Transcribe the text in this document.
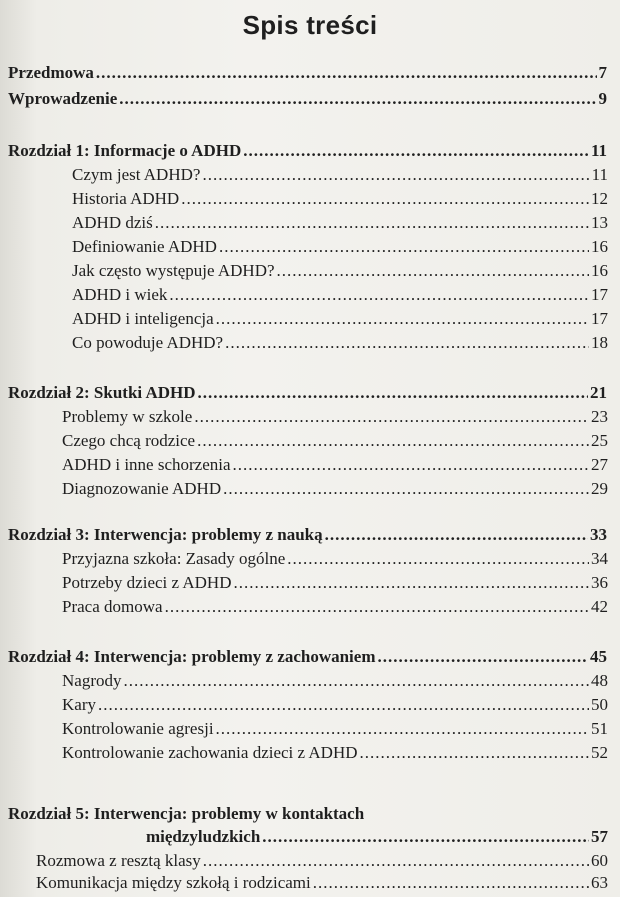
Spis treści
Przedmowa .....	7
Wprowadzenie .....	9
Rozdział 1: Informacje o ADHD .....	11
Czym jest ADHD? .....	11
Historia ADHD .....	12
ADHD dziś .....	13
Definiowanie ADHD .....	16
Jak często występuje ADHD? .....	16
ADHD i wiek .....	17
ADHD i inteligencja .....	17
Co powoduje ADHD? .....	18
Rozdział 2: Skutki ADHD .....	21
Problemy w szkole .....	23
Czego chcą rodzice .....	25
ADHD i inne schorzenia .....	27
Diagnozowanie ADHD .....	29
Rozdział 3: Interwencja: problemy z nauką .....	33
Przyjazna szkoła: Zasady ogólne .....	34
Potrzeby dzieci z ADHD .....	36
Praca domowa .....	42
Rozdział 4: Interwencja: problemy z zachowaniem .....	45
Nagrody .....	48
Kary .....	50
Kontrolowanie agresji .....	51
Kontrolowanie zachowania dzieci z ADHD .....	52
Rozdział 5: Interwencja: problemy w kontaktach
międzyludzkich .....	57
Rozmowa z resztą klasy .....	60
Komunikacja między szkołą i rodzicami .....	63
